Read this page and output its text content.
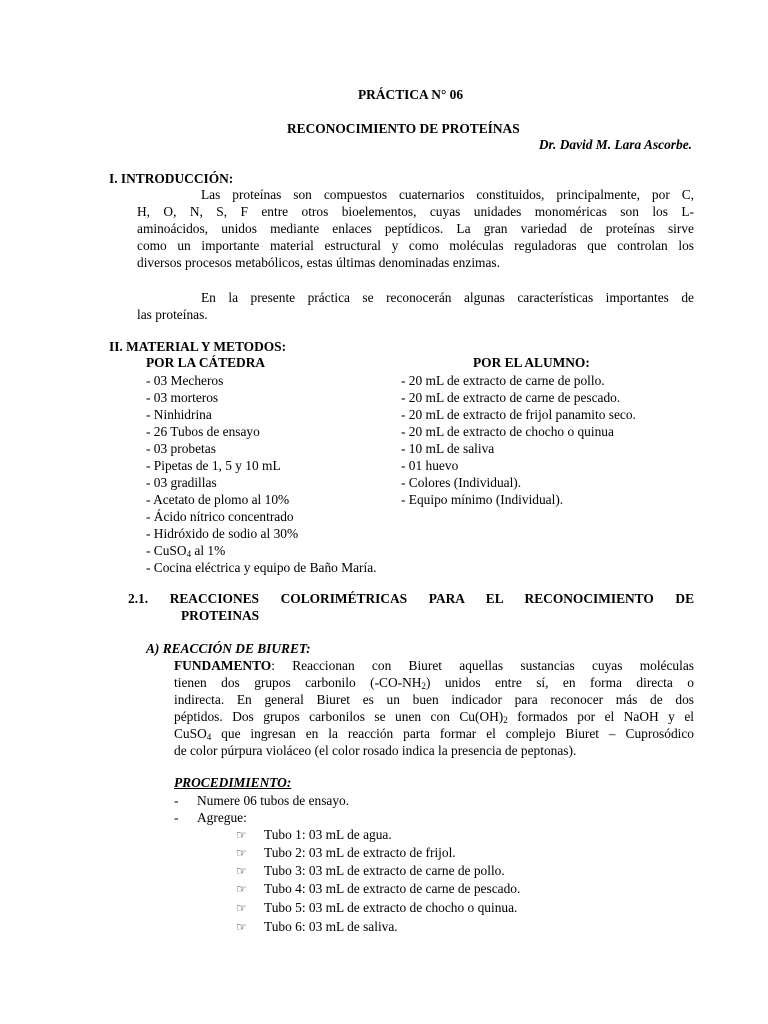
PRÁCTICA N° 06
RECONOCIMIENTO DE PROTEÍNAS
Dr. David M. Lara Ascorbe.
I. INTRODUCCIÓN:
Las proteínas son compuestos cuaternarios constituidos, principalmente, por C,
H, O, N, S, F entre otros bioelementos, cuyas unidades monoméricas son los L-
aminoácidos, unidos mediante enlaces peptídicos. La gran variedad de proteínas sirve
como un importante material estructural y como moléculas reguladoras que controlan los
diversos procesos metabólicos, estas últimas denominadas enzimas.
En la presente práctica se reconocerán algunas características importantes de
las proteínas.
II. MATERIAL Y METODOS:
POR LA CÁTEDRA	POR EL ALUMNO:
- 03 Mecheros
- 03 morteros
- Ninhidrina
- 26 Tubos de ensayo
- 03 probetas
- Pipetas de 1, 5 y 10 mL
- 03 gradillas
- Acetato de plomo al 10%
- Ácido nítrico concentrado
- Hidróxido de sodio al 30%
- CuSO$_4$ al 1%
- Cocina eléctrica y equipo de Baño María.
- 20 mL de extracto de carne de pollo.
- 20 mL de extracto de carne de pescado.
- 20 mL de extracto de frijol panamito seco.
- 20 mL de extracto de chocho o quinua
- 10 mL de saliva
- 01 huevo
- Colores (Individual).
- Equipo mínimo (Individual).
2.1. REACCIONES COLORIMÉTRICAS PARA EL RECONOCIMIENTO DE
PROTEINAS
A) REACCIÓN DE BIURET:
FUNDAMENTO: Reaccionan con Biuret aquellas sustancias cuyas moléculas
tienen dos grupos carbonilo $(-CO-NH_2)$ unidos entre sí, en forma directa o
indirecta. En general Biuret es un buen indicador para reconocer más de dos
péptidos. Dos grupos carbonilos se unen con $Cu(OH)_2$ formados por el NaOH y el
CuSO$_4$ que ingresan en la reacción parta formar el complejo Biuret – Cuprosódico
de color púrpura violáceo (el color rosado indica la presencia de peptonas).
PROCEDIMIENTO:
- Numere 06 tubos de ensayo.
- Agregue:
☞ Tubo 1: 03 mL de agua.
☞ Tubo 2: 03 mL de extracto de frijol.
☞ Tubo 3: 03 mL de extracto de carne de pollo.
☞ Tubo 4: 03 mL de extracto de carne de pescado.
☞ Tubo 5: 03 mL de extracto de chocho o quinua.
☞ Tubo 6: 03 mL de saliva.
